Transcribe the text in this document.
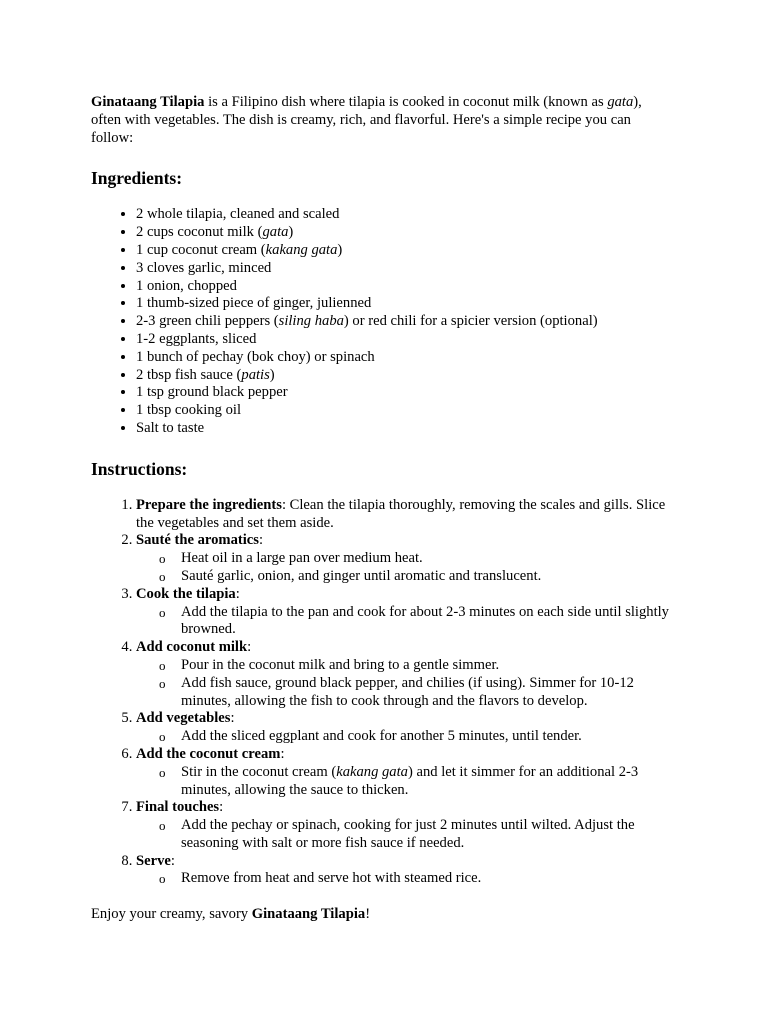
Ginataang Tilapia is a Filipino dish where tilapia is cooked in coconut milk (known as gata), often with vegetables. The dish is creamy, rich, and flavorful. Here's a simple recipe you can follow:

Ingredients:
• 2 whole tilapia, cleaned and scaled
• 2 cups coconut milk (gata)
• 1 cup coconut cream (kakang gata)
• 3 cloves garlic, minced
• 1 onion, chopped
• 1 thumb-sized piece of ginger, julienned
• 2-3 green chili peppers (siling haba) or red chili for a spicier version (optional)
• 1-2 eggplants, sliced
• 1 bunch of pechay (bok choy) or spinach
• 2 tbsp fish sauce (patis)
• 1 tsp ground black pepper
• 1 tbsp cooking oil
• Salt to taste
Instructions:
1. Prepare the ingredients: Clean the tilapia thoroughly, removing the scales and gills. Slice the vegetables and set them aside.
2. Sauté the aromatics:
o Heat oil in a large pan over medium heat.
o Sauté garlic, onion, and ginger until aromatic and translucent.
3. Cook the tilapia:
o Add the tilapia to the pan and cook for about 2-3 minutes on each side until slightly browned.
4. Add coconut milk:
o Pour in the coconut milk and bring to a gentle simmer.
o Add fish sauce, ground black pepper, and chilies (if using). Simmer for 10-12 minutes, allowing the fish to cook through and the flavors to develop.
5. Add vegetables:
o Add the sliced eggplant and cook for another 5 minutes, until tender.
6. Add the coconut cream:
o Stir in the coconut cream (kakang gata) and let it simmer for an additional 2-3 minutes, allowing the sauce to thicken.
7. Final touches:
o Add the pechay or spinach, cooking for just 2 minutes until wilted. Adjust the seasoning with salt or more fish sauce if needed.
8. Serve:
o Remove from heat and serve hot with steamed rice.

Enjoy your creamy, savory Ginataang Tilapia!
